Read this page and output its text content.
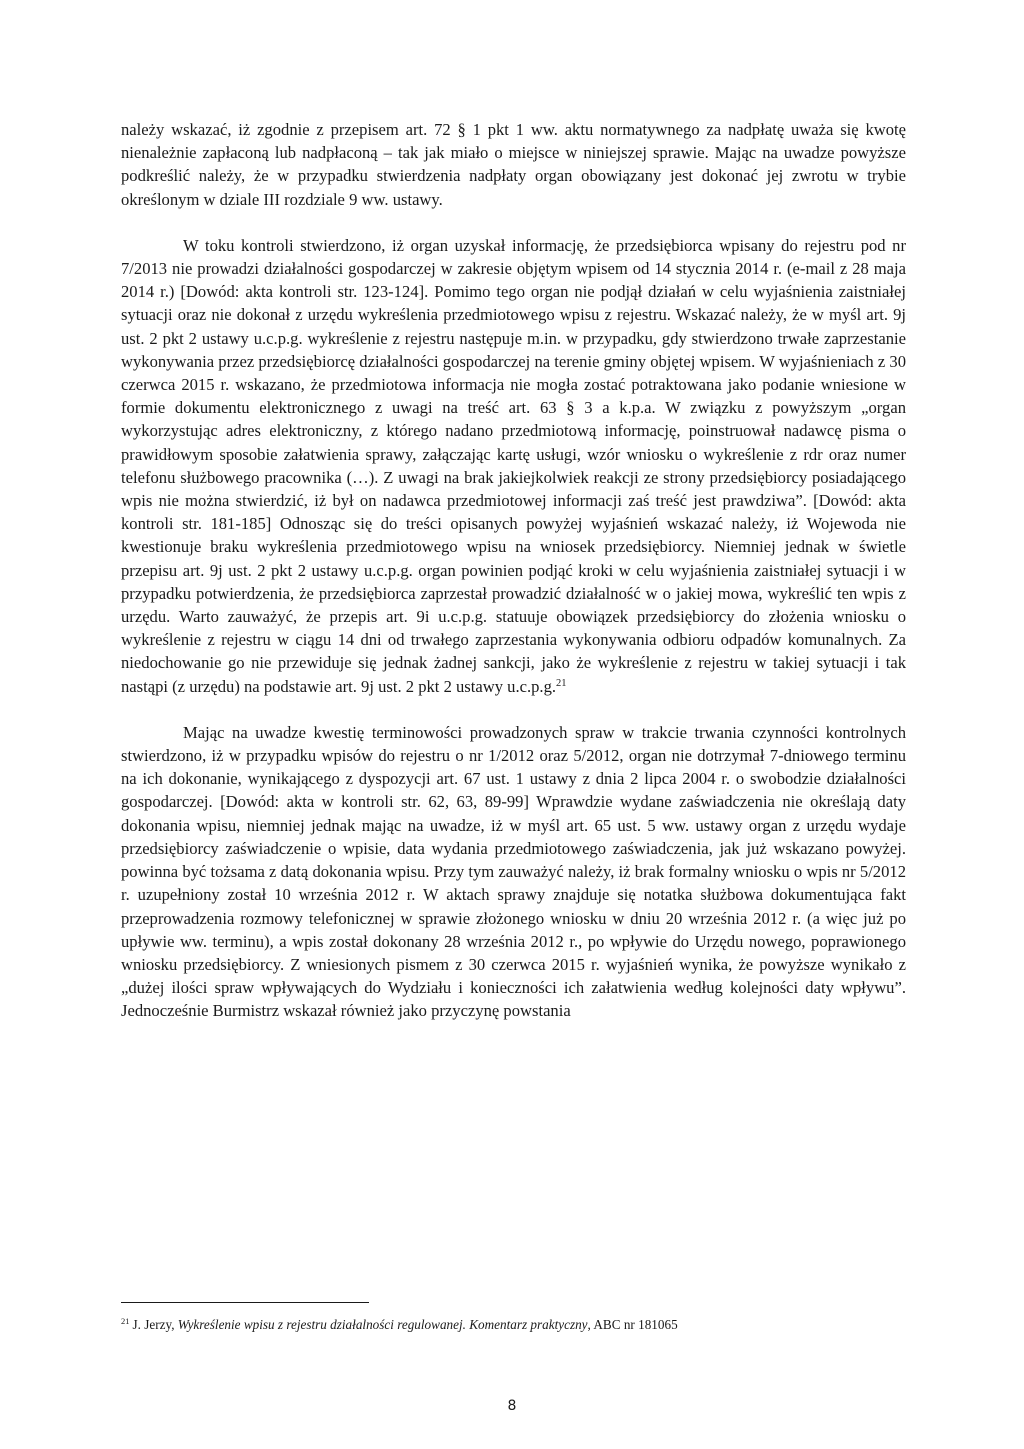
należy wskazać, iż zgodnie z przepisem art. 72 § 1 pkt 1 ww. aktu normatywnego za nadpłatę uważa się kwotę nienależnie zapłaconą lub nadpłaconą – tak jak miało o miejsce w niniejszej sprawie. Mając na uwadze powyższe podkreślić należy, że w przypadku stwierdzenia nadpłaty organ obowiązany jest dokonać jej zwrotu w trybie określonym w dziale III rozdziale 9 ww. ustawy.

W toku kontroli stwierdzono, iż organ uzyskał informację, że przedsiębiorca wpisany do rejestru pod nr 7/2013 nie prowadzi działalności gospodarczej w zakresie objętym wpisem od 14 stycznia 2014 r. (e-mail z 28 maja 2014 r.) [Dowód: akta kontroli str. 123-124]. Pomimo tego organ nie podjął działań w celu wyjaśnienia zaistniałej sytuacji oraz nie dokonał z urzędu wykreślenia przedmiotowego wpisu z rejestru. Wskazać należy, że w myśl art. 9j ust. 2 pkt 2 ustawy u.c.p.g. wykreślenie z rejestru następuje m.in. w przypadku, gdy stwierdzono trwałe zaprzestanie wykonywania przez przedsiębiorcę działalności gospodarczej na terenie gminy objętej wpisem. W wyjaśnieniach z 30 czerwca 2015 r. wskazano, że przedmiotowa informacja nie mogła zostać potraktowana jako podanie wniesione w formie dokumentu elektronicznego z uwagi na treść art. 63 § 3 a k.p.a. W związku z powyższym „organ wykorzystując adres elektroniczny, z którego nadano przedmiotową informację, poinstruował nadawcę pisma o prawidłowym sposobie załatwienia sprawy, załączając kartę usługi, wzór wniosku o wykreślenie z rdr oraz numer telefonu służbowego pracownika (…). Z uwagi na brak jakiejkolwiek reakcji ze strony przedsiębiorcy posiadającego wpis nie można stwierdzić, iż był on nadawca przedmiotowej informacji zaś treść jest prawdziwa”. [Dowód: akta kontroli str. 181-185] Odnosząc się do treści opisanych powyżej wyjaśnień wskazać należy, iż Wojewoda nie kwestionuje braku wykreślenia przedmiotowego wpisu na wniosek przedsiębiorcy. Niemniej jednak w świetle przepisu art. 9j ust. 2 pkt 2 ustawy u.c.p.g. organ powinien podjąć kroki w celu wyjaśnienia zaistniałej sytuacji i w przypadku potwierdzenia, że przedsiębiorca zaprzestał prowadzić działalność w o jakiej mowa, wykreślić ten wpis z urzędu. Warto zauważyć, że przepis art. 9i u.c.p.g. statuuje obowiązek przedsiębiorcy do złożenia wniosku o wykreślenie z rejestru w ciągu 14 dni od trwałego zaprzestania wykonywania odbioru odpadów komunalnych. Za niedochowanie go nie przewiduje się jednak żadnej sankcji, jako że wykreślenie z rejestru w takiej sytuacji i tak nastąpi (z urzędu) na podstawie art. 9j ust. 2 pkt 2 ustawy u.c.p.g.$^{21}$

Mając na uwadze kwestię terminowości prowadzonych spraw w trakcie trwania czynności kontrolnych stwierdzono, iż w przypadku wpisów do rejestru o nr 1/2012 oraz 5/2012, organ nie dotrzymał 7-dniowego terminu na ich dokonanie, wynikającego z dyspozycji art. 67 ust. 1 ustawy z dnia 2 lipca 2004 r. o swobodzie działalności gospodarczej. [Dowód: akta w kontroli str. 62, 63, 89-99] Wprawdzie wydane zaświadczenia nie określają daty dokonania wpisu, niemniej jednak mając na uwadze, iż w myśl art. 65 ust. 5 ww. ustawy organ z urzędu wydaje przedsiębiorcy zaświadczenie o wpisie, data wydania przedmiotowego zaświadczenia, jak już wskazano powyżej. powinna być tożsama z datą dokonania wpisu. Przy tym zauważyć należy, iż brak formalny wniosku o wpis nr 5/2012 r. uzupełniony został 10 września 2012 r. W aktach sprawy znajduje się notatka służbowa dokumentująca fakt przeprowadzenia rozmowy telefonicznej w sprawie złożonego wniosku w dniu 20 września 2012 r. (a więc już po upływie ww. terminu), a wpis został dokonany 28 września 2012 r., po wpływie do Urzędu nowego, poprawionego wniosku przedsiębiorcy. Z wniesionych pismem z 30 czerwca 2015 r. wyjaśnień wynika, że powyższe wynikało z „dużej ilości spraw wpływających do Wydziału i konieczności ich załatwienia według kolejności daty wpływu”. Jednocześnie Burmistrz wskazał również jako przyczynę powstania

$^{21}$ J. Jerzy, Wykreślenie wpisu z rejestru działalności regulowanej. Komentarz praktyczny, ABC nr 181065
8
